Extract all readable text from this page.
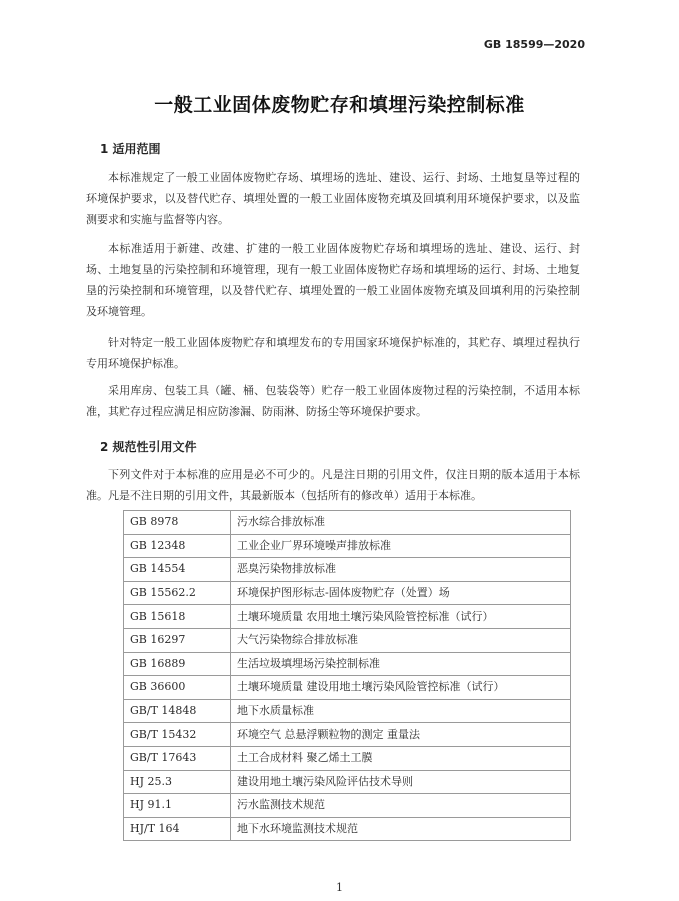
GB 18599—2020
一般工业固体废物贮存和填埋污染控制标准
1 适用范围

本标准规定了一般工业固体废物贮存场、填埋场的选址、建设、运行、封场、土地复垦等过程的环境保护要求，以及替代贮存、填埋处置的一般工业固体废物充填及回填利用环境保护要求，以及监测要求和实施与监督等内容。

本标准适用于新建、改建、扩建的一般工业固体废物贮存场和填埋场的选址、建设、运行、封场、土地复垦的污染控制和环境管理，现有一般工业固体废物贮存场和填埋场的运行、封场、土地复垦的污染控制和环境管理，以及替代贮存、填埋处置的一般工业固体废物充填及回填利用的污染控制及环境管理。

针对特定一般工业固体废物贮存和填埋发布的专用国家环境保护标准的，其贮存、填埋过程执行专用环境保护标准。

采用库房、包装工具（罐、桶、包装袋等）贮存一般工业固体废物过程的污染控制，不适用本标准，其贮存过程应满足相应防渗漏、防雨淋、防扬尘等环境保护要求。

2 规范性引用文件

下列文件对于本标准的应用是必不可少的。凡是注日期的引用文件，仅注日期的版本适用于本标准。凡是不注日期的引用文件，其最新版本（包括所有的修改单）适用于本标准。

GB 8978	污水综合排放标准
GB 12348	工业企业厂界环境噪声排放标准
GB 14554	恶臭污染物排放标准
GB 15562.2	环境保护图形标志-固体废物贮存（处置）场
GB 15618	土壤环境质量 农用地土壤污染风险管控标准（试行）
GB 16297	大气污染物综合排放标准
GB 16889	生活垃圾填埋场污染控制标准
GB 36600	土壤环境质量 建设用地土壤污染风险管控标准（试行）
GB/T 14848	地下水质量标准
GB/T 15432	环境空气 总悬浮颗粒物的测定 重量法
GB/T 17643	土工合成材料 聚乙烯土工膜
HJ 25.3	建设用地土壤污染风险评估技术导则
HJ 91.1	污水监测技术规范
HJ/T 164	地下水环境监测技术规范
1
